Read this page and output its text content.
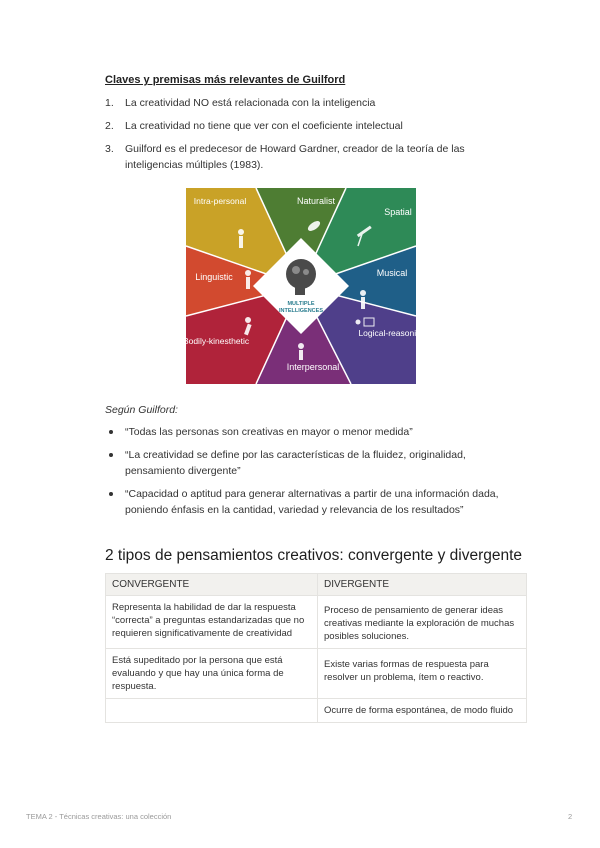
Claves y premisas más relevantes de Guilford
1. La creatividad NO está relacionada con la inteligencia
2. La creatividad no tiene que ver con el coeficiente intelectual
3. Guilford es el predecesor de Howard Gardner, creador de la teoría de las inteligencias múltiples (1983).
MULTIPLE
INTELLIGENCES
Naturalist
Spatial
Musical
Logical-reasoning
Interpersonal
Bodily-kinesthetic
Linguistic
Intra-personal
Según Guilford:
“Todas las personas son creativas en mayor o menor medida”
“La creatividad se define por las características de la fluidez, originalidad, pensamiento divergente”
“Capacidad o aptitud para generar alternativas a partir de una información dada, poniendo énfasis en la cantidad, variedad y relevancia de los resultados”
2 tipos de pensamientos creativos: convergente y divergente
CONVERGENTE	DIVERGENTE
Representa la habilidad de dar la respuesta “correcta” a preguntas estandarizadas que no requieren significativamente de creatividad	Proceso de pensamiento de generar ideas creativas mediante la exploración de muchas posibles soluciones.
Está supeditado por la persona que está evaluando y que hay una única forma de respuesta.	Existe varias formas de respuesta para resolver un problema, ítem o reactivo.
	Ocurre de forma espontánea, de modo fluido
TEMA 2 - Técnicas creativas: una colección	2
